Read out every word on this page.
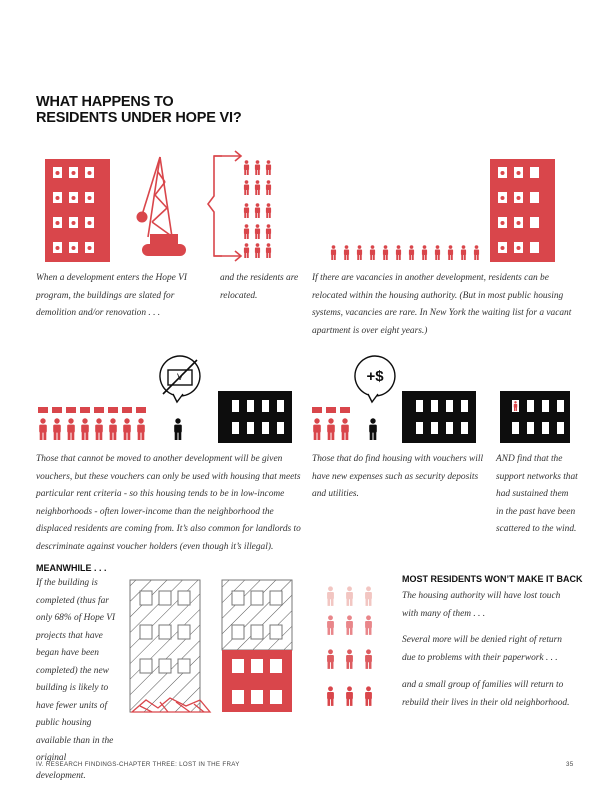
WHAT HAPPENS TO
RESIDENTS UNDER HOPE VI?
When a development enters the Hope VI program, the buildings are slated for demolition and/or renovation . . .
and the residents are relocated.
If there are vacancies in another development, residents can be relocated within the housing authority. (But in most public housing systems, vacancies are rare. In New York the waiting list for a vacant apartment is over eight years.)
V	+$
Those that cannot be moved to another development will be given vouchers, but these vouchers can only be used with housing that meets particular rent criteria - so this housing tends to be in low-income neighborhoods - often lower-income than the neighborhood the displaced residents are coming from. It’s also common for landlords to descriminate against voucher holders (even though it’s illegal).
Those that do find housing with vouchers will have new expenses such as security deposits and utilities.
AND find that the support networks that had sustained them in the past have been scattered to the wind.
MEANWHILE . . .
If the building is completed (thus far only 68% of Hope VI projects that have began have been completed) the new building is likely to have fewer units of public housing available than in the original development.
MOST RESIDENTS WON’T MAKE IT BACK
The housing authority will have lost touch with many of them . . .
Several more will be denied right of return due to problems with their paperwork . . .
and a small group of families will return to rebuild their lives in their old neighborhood.
IV. RESEARCH FINDINGS-CHAPTER THREE: LOST IN THE FRAY	35
